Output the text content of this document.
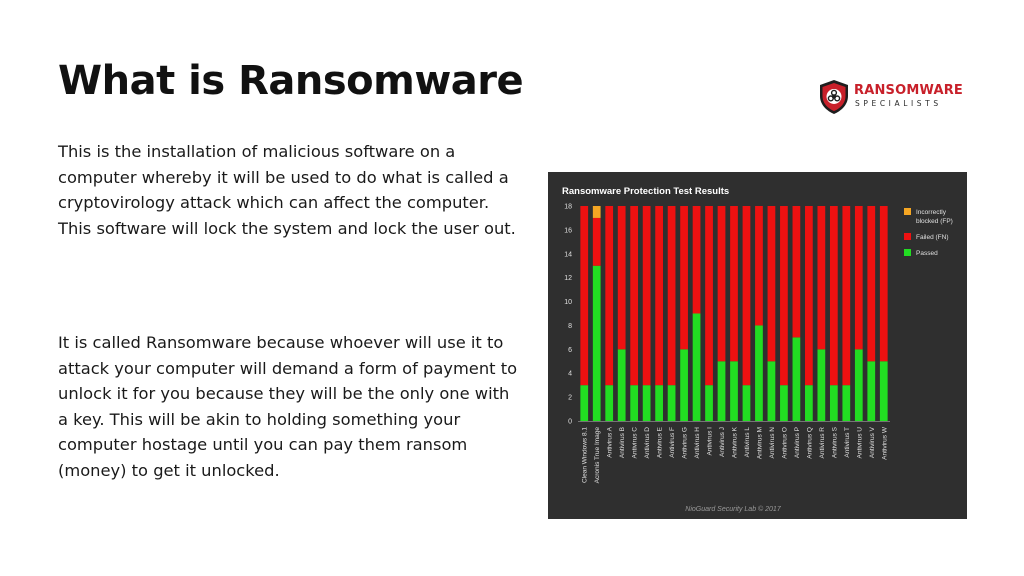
What is Ransomware

This is the installation of malicious software on a computer whereby it will be used to do what is called a cryptovirology attack which can affect the computer. This software will lock the system and lock the user out.

It is called Ransomware because whoever will use it to attack your computer will demand a form of payment to unlock it for you because they will be the only one with a key. This will be akin to holding something your computer hostage until you can pay them ransom (money) to get it unlocked.

RANSOMWARE
SPECIALISTS
Ransomware Protection Test Results
0
2
4
6
8
10
12
14
16
18
Clean Windows 8.1 Acronis True Image Antivirus A Antivirus B Antivirus C Antivirus D Antivirus E Antivirus F Antivirus G Antivirus H Antivirus I Antivirus J Antivirus K Antivirus L Antivirus M Antivirus N Antivirus O Antivirus P Antivirus Q Antivirus R Antivirus S Antivirus T Antivirus U Antivirus V Antivirus W
Incorrectly blocked (FP)
Failed (FN)
Passed
NioGuard Security Lab © 2017
